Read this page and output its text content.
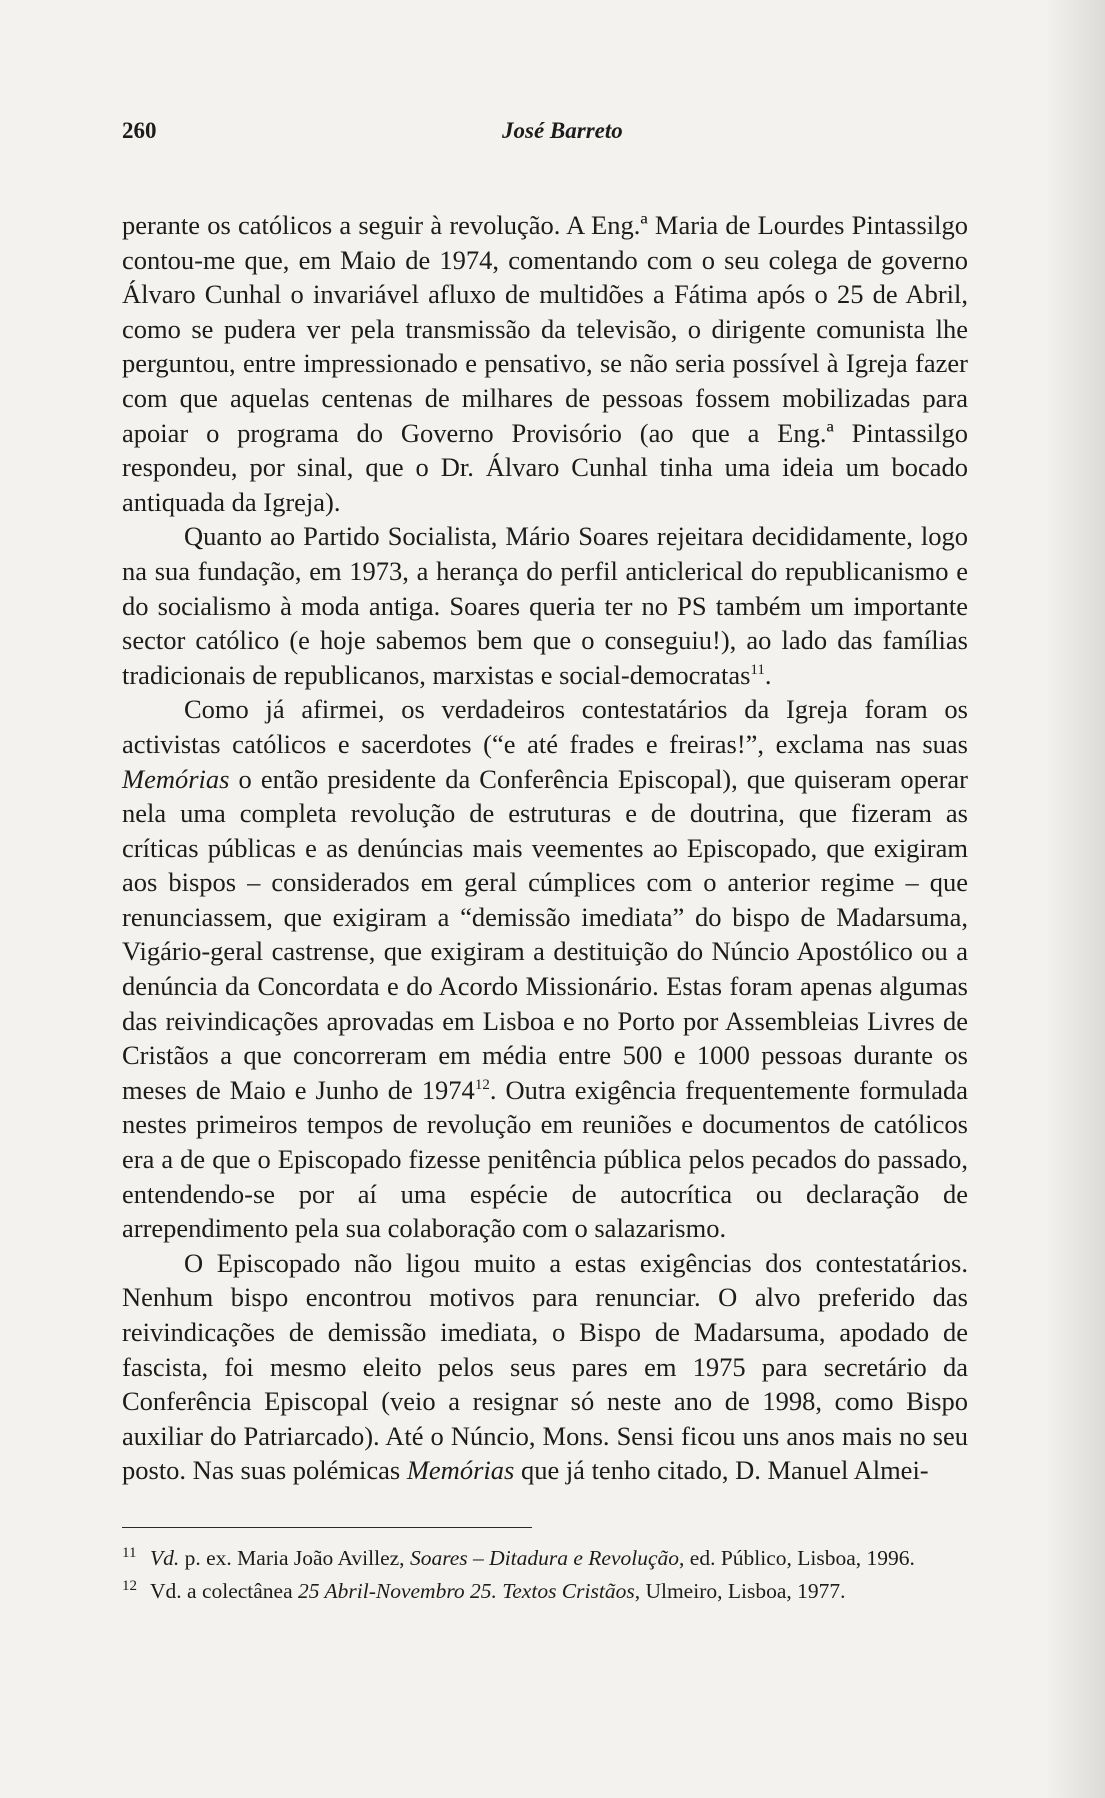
260	José Barreto

perante os católicos a seguir à revolução. A Eng.ª Maria de Lourdes Pintassilgo contou-me que, em Maio de 1974, comentando com o seu colega de governo Álvaro Cunhal o invariável afluxo de multidões a Fátima após o 25 de Abril, como se pudera ver pela transmissão da televisão, o dirigente comunista lhe perguntou, entre impressionado e pensativo, se não seria possível à Igreja fazer com que aquelas centenas de milhares de pessoas fossem mobilizadas para apoiar o programa do Governo Provisório (ao que a Eng.ª Pintassilgo respondeu, por sinal, que o Dr. Álvaro Cunhal tinha uma ideia um bocado antiquada da Igreja).

Quanto ao Partido Socialista, Mário Soares rejeitara decididamente, logo na sua fundação, em 1973, a herança do perfil anticlerical do republicanismo e do socialismo à moda antiga. Soares queria ter no PS também um importante sector católico (e hoje sabemos bem que o conseguiu!), ao lado das famílias tradicionais de republicanos, marxistas e social-democratas$^{11}$.

Como já afirmei, os verdadeiros contestatários da Igreja foram os activistas católicos e sacerdotes (“e até frades e freiras!”, exclama nas suas Memórias o então presidente da Conferência Episcopal), que quiseram operar nela uma completa revolução de estruturas e de doutrina, que fizeram as críticas públicas e as denúncias mais veementes ao Episcopado, que exigiram aos bispos – considerados em geral cúmplices com o anterior regime – que renunciassem, que exigiram a “demissão imediata” do bispo de Madarsuma, Vigário-geral castrense, que exigiram a destituição do Núncio Apostólico ou a denúncia da Concordata e do Acordo Missionário. Estas foram apenas algumas das reivindicações aprovadas em Lisboa e no Porto por Assembleias Livres de Cristãos a que concorreram em média entre 500 e 1000 pessoas durante os meses de Maio e Junho de 1974$^{12}$. Outra exigência frequentemente formulada nestes primeiros tempos de revolução em reuniões e documentos de católicos era a de que o Episcopado fizesse penitência pública pelos pecados do passado, entendendo-se por aí uma espécie de autocrítica ou declaração de arrependimento pela sua colaboração com o salazarismo.

O Episcopado não ligou muito a estas exigências dos contestatários. Nenhum bispo encontrou motivos para renunciar. O alvo preferido das reivindicações de demissão imediata, o Bispo de Madarsuma, apodado de fascista, foi mesmo eleito pelos seus pares em 1975 para secretário da Conferência Episcopal (veio a resignar só neste ano de 1998, como Bispo auxiliar do Patriarcado). Até o Núncio, Mons. Sensi ficou uns anos mais no seu posto. Nas suas polémicas Memórias que já tenho citado, D. Manuel Almei-

11 Vd. p. ex. Maria João Avillez, Soares – Ditadura e Revolução, ed. Público, Lisboa, 1996.
12 Vd. a colectânea 25 Abril-Novembro 25. Textos Cristãos, Ulmeiro, Lisboa, 1977.
